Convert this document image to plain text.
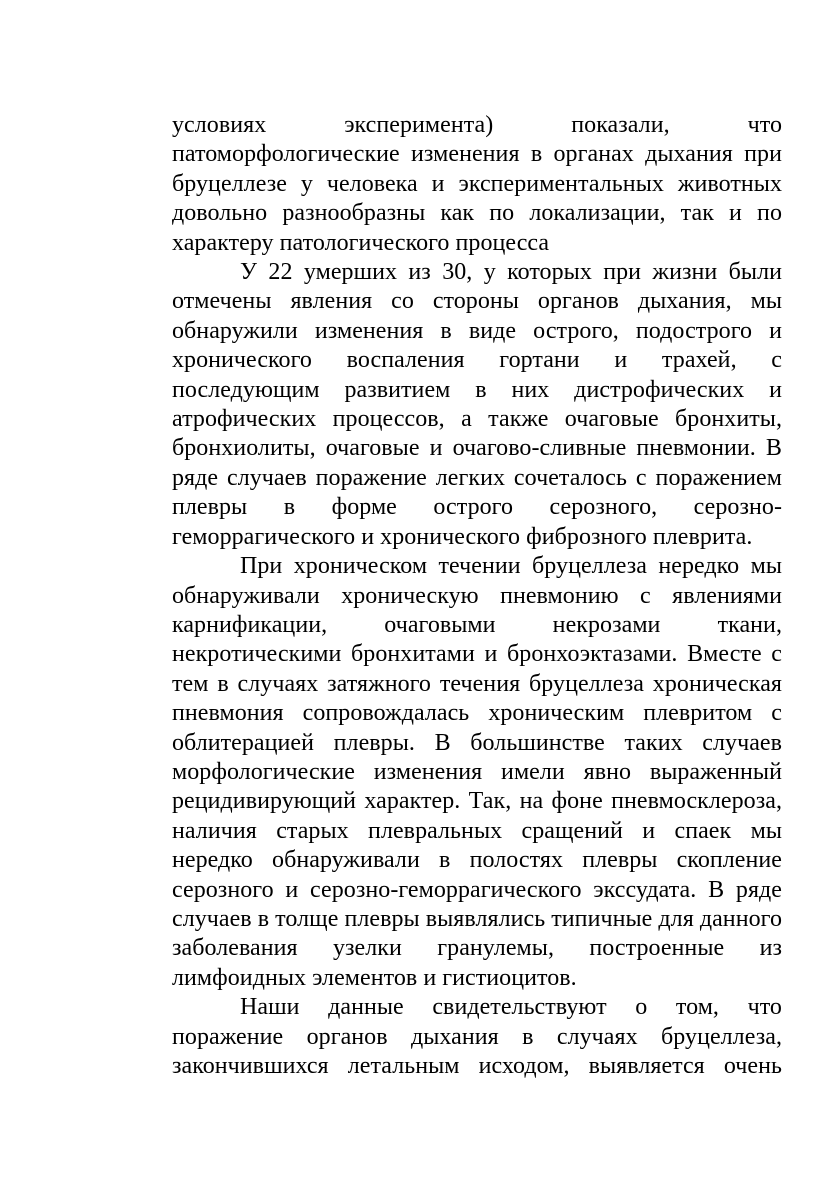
условиях эксперимента) показали, что патоморфологические изменения в органах дыхания при бруцеллезе у человека и экспериментальных животных довольно разнообразны как по локализации, так и по характеру патологического процесса

У 22 умерших из 30, у которых при жизни были отмечены явления со стороны органов дыхания, мы обнаружили изменения в виде острого, подострого и хронического воспаления гортани и трахей, с последующим развитием в них дистрофических и атрофических процессов, а также очаговые бронхиты, бронхиолиты, очаговые и очагово-сливные пневмонии. В ряде случаев поражение легких сочеталось с поражением плевры в форме острого серозного, серозно-геморрагического и хронического фиброзного плеврита.

При хроническом течении бруцеллеза нередко мы обнаруживали хроническую пневмонию с явлениями карнификации, очаговыми некрозами ткани, некротическими бронхитами и бронхоэктазами. Вместе с тем в случаях затяжного течения бруцеллеза хроническая пневмония сопровождалась хроническим плевритом с облитерацией плевры. В большинстве таких случаев морфологические изменения имели явно выраженный рецидивирующий характер. Так, на фоне пневмосклероза, наличия старых плевральных сращений и спаек мы нередко обнаруживали в полостях плевры скопление серозного и серозно-геморрагического экссудата. В ряде случаев в толще плевры выявлялись типичные для данного заболевания узелки гранулемы, построенные из лимфоидных элементов и гистиоцитов.

Наши данные свидетельствуют о том, что поражение органов дыхания в случаях бруцеллеза, закончившихся летальным исходом, выявляется очень
